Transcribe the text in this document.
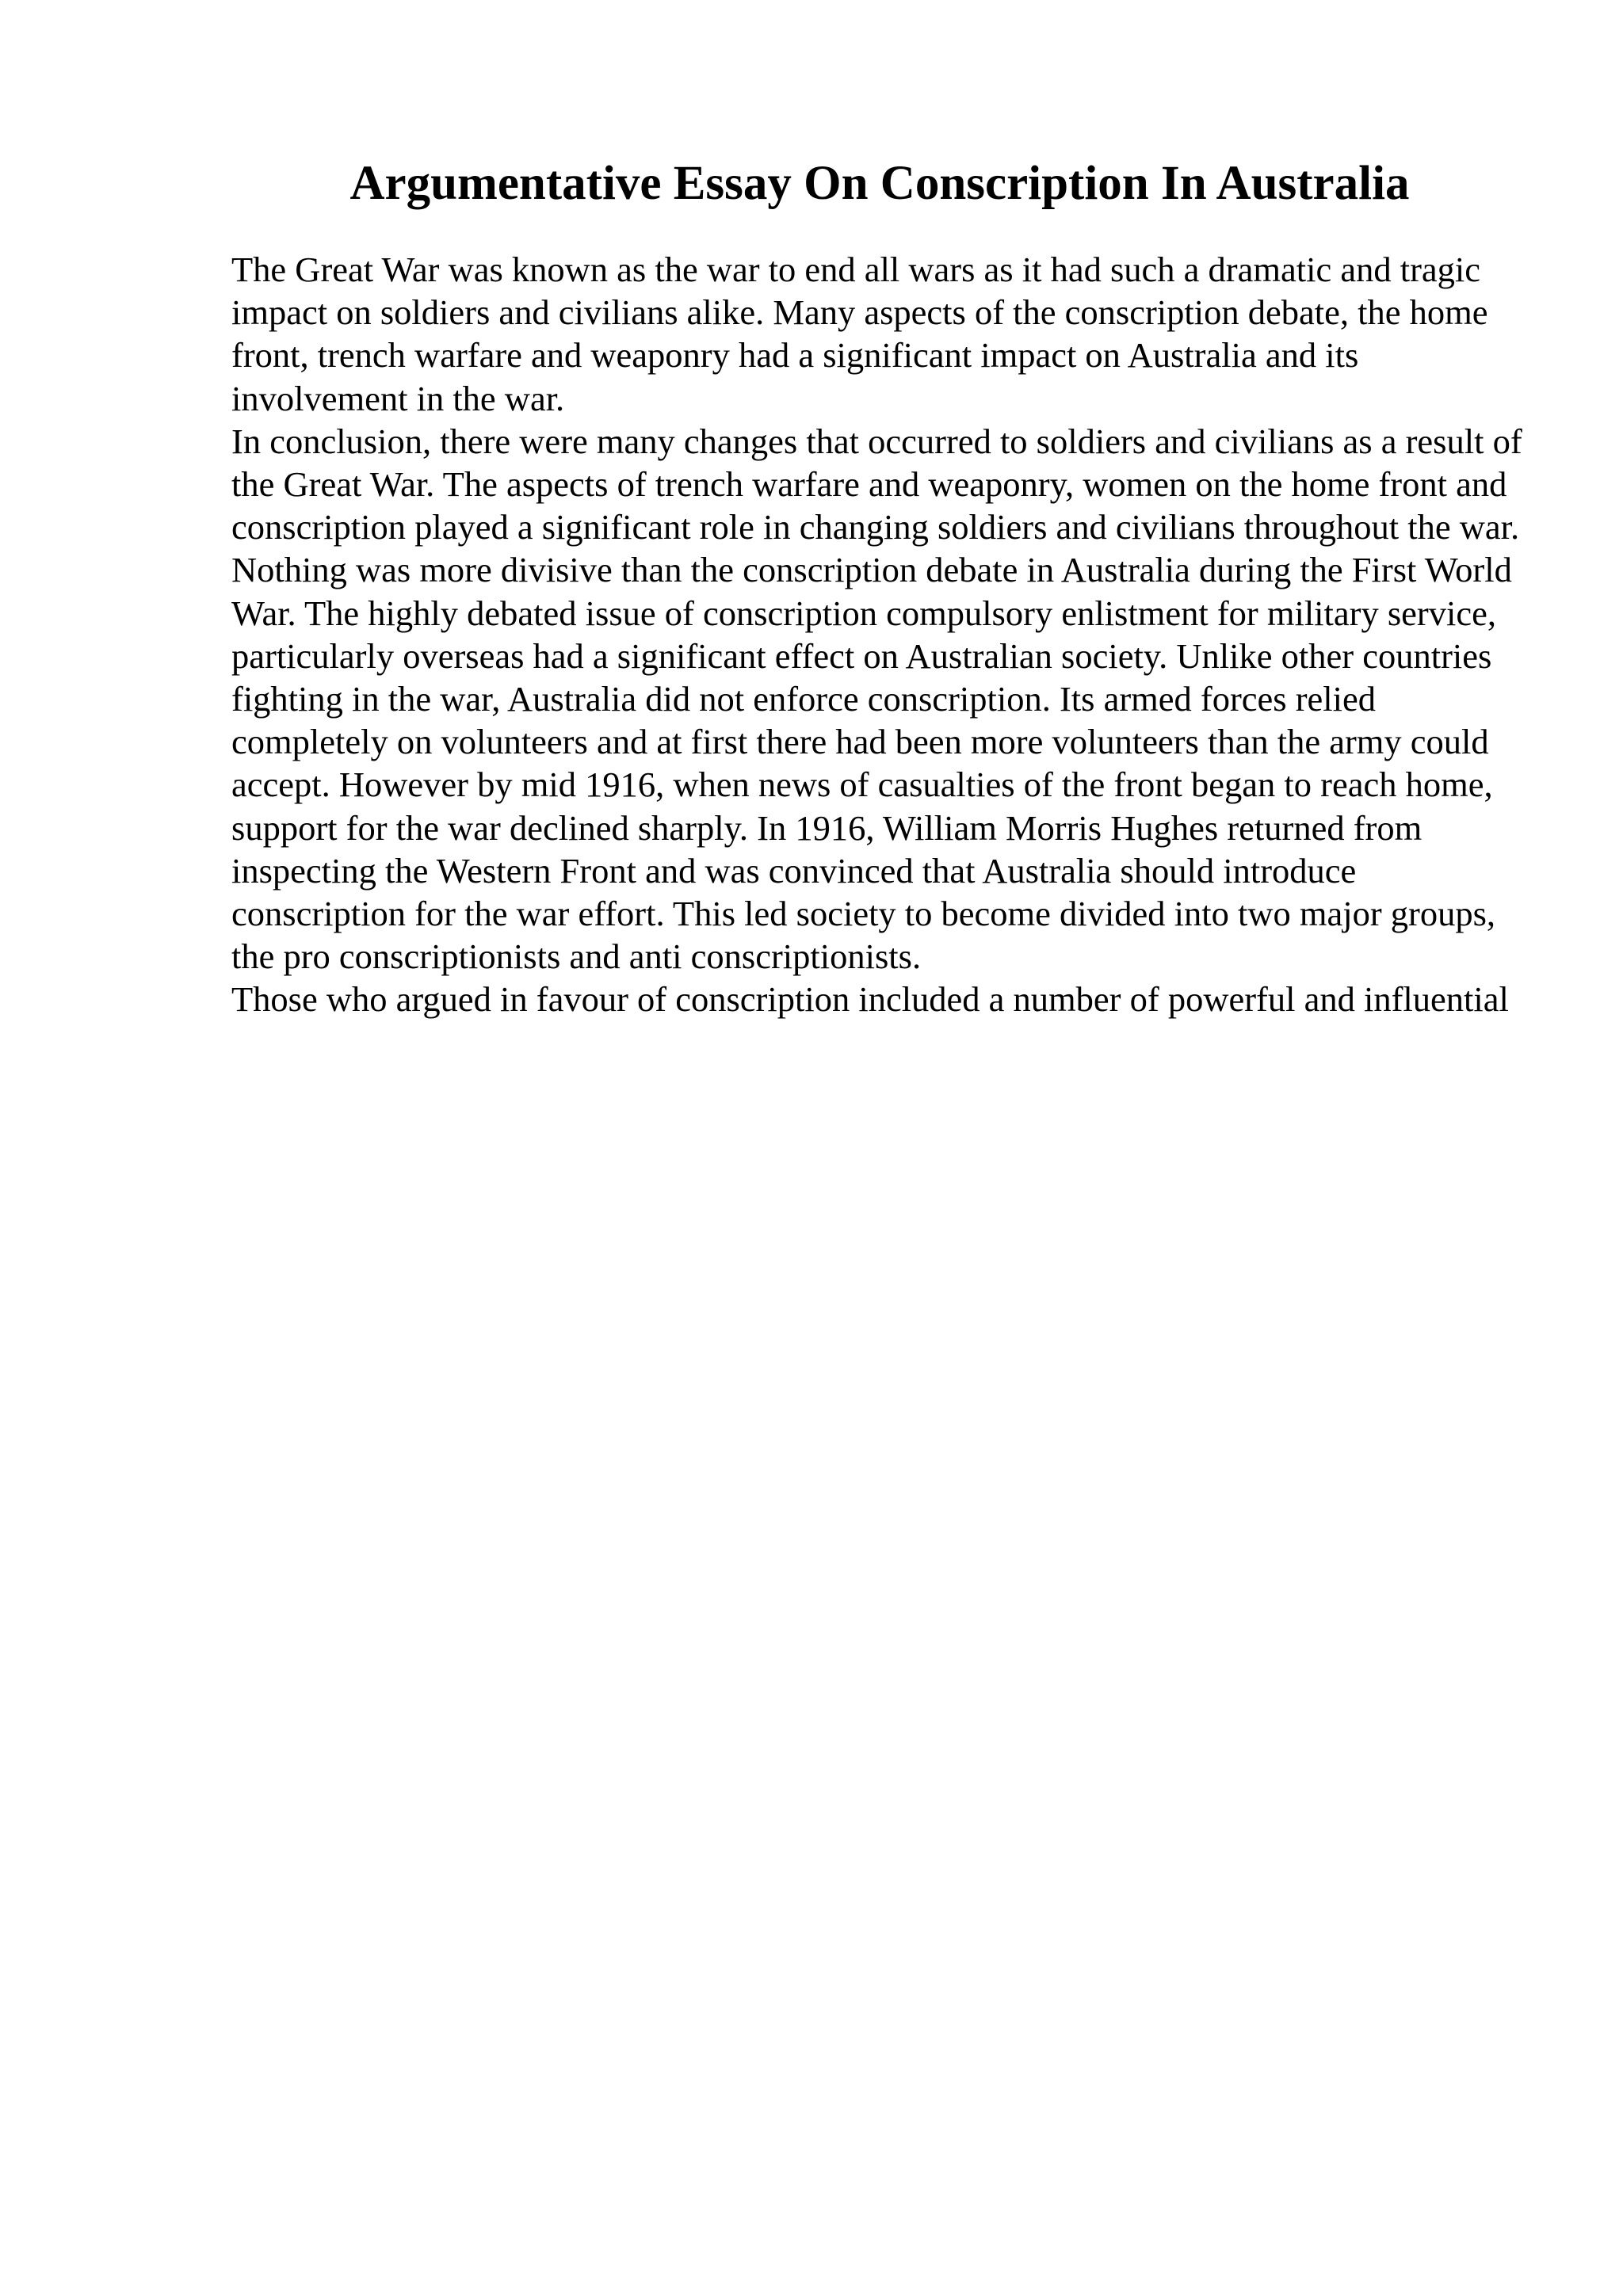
Argumentative Essay On Conscription In Australia

The Great War was known as the war to end all wars as it had such a dramatic and tragic impact on soldiers and civilians alike. Many aspects of the conscription debate, the home front, trench warfare and weaponry had a significant impact on Australia and its involvement in the war.

In conclusion, there were many changes that occurred to soldiers and civilians as a result of the Great War. The aspects of trench warfare and weaponry, women on the home front and conscription played a significant role in changing soldiers and civilians throughout the war.

Nothing was more divisive than the conscription debate in Australia during the First World War. The highly debated issue of conscription compulsory enlistment for military service, particularly overseas had a significant effect on Australian society. Unlike other countries fighting in the war, Australia did not enforce conscription. Its armed forces relied completely on volunteers and at first there had been more volunteers than the army could accept. However by mid 1916, when news of casualties of the front began to reach home, support for the war declined sharply. In 1916, William Morris Hughes returned from inspecting the Western Front and was convinced that Australia should introduce conscription for the war effort. This led society to become divided into two major groups, the pro conscriptionists and anti conscriptionists.

Those who argued in favour of conscription included a number of powerful and influential
